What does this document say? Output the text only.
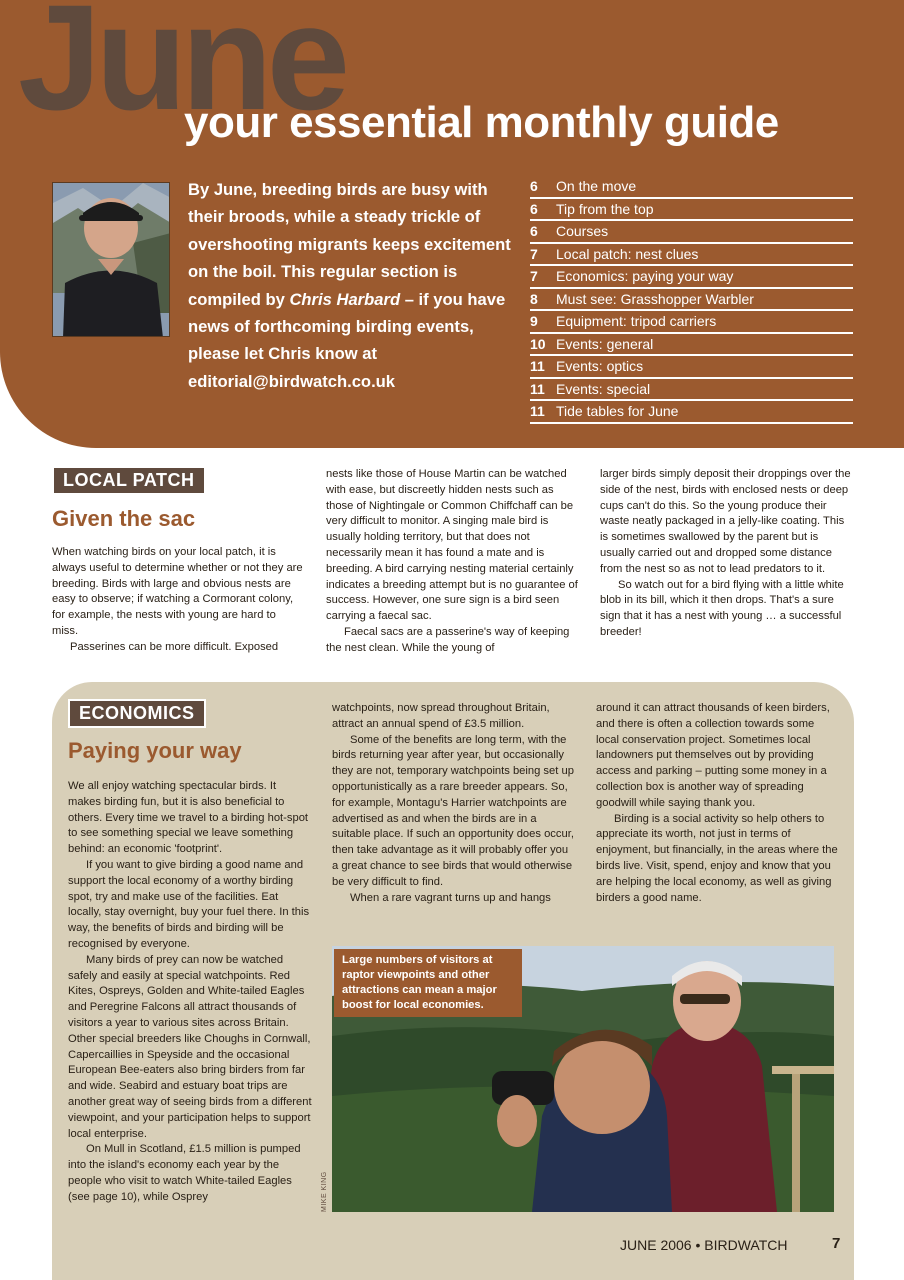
June
your essential monthly guide
By June, breeding birds are busy with their broods, while a steady trickle of overshooting migrants keeps excitement on the boil. This regular section is compiled by Chris Harbard – if you have news of forthcoming birding events, please let Chris know at editorial@birdwatch.co.uk
6	On the move
6	Tip from the top
6	Courses
7	Local patch: nest clues
7	Economics: paying your way
8	Must see: Grasshopper Warbler
9	Equipment: tripod carriers
10 Events: general
11 Events: optics
11 Events: special
11 Tide tables for June
LOCAL PATCH
Given the sac

When watching birds on your local patch, it is always useful to determine whether or not they are breeding. Birds with large and obvious nests are easy to observe; if watching a Cormorant colony, for example, the nests with young are hard to miss.

Passerines can be more difficult. Exposed

nests like those of House Martin can be watched with ease, but discreetly hidden nests such as those of Nightingale or Common Chiffchaff can be very difficult to monitor. A singing male bird is usually holding territory, but that does not necessarily mean it has found a mate and is breeding. A bird carrying nesting material certainly indicates a breeding attempt but is no guarantee of success. However, one sure sign is a bird seen carrying a faecal sac.

Faecal sacs are a passerine's way of keeping the nest clean. While the young of

larger birds simply deposit their droppings over the side of the nest, birds with enclosed nests or deep cups can't do this. So the young produce their waste neatly packaged in a jelly-like coating. This is sometimes swallowed by the parent but is usually carried out and dropped some distance from the nest so as not to lead predators to it.

So watch out for a bird flying with a little white blob in its bill, which it then drops. That's a sure sign that it has a nest with young … a successful breeder!

ECONOMICS
Paying your way

We all enjoy watching spectacular birds. It makes birding fun, but it is also beneficial to others. Every time we travel to a birding hot-spot to see something special we leave something behind: an economic 'footprint'.

If you want to give birding a good name and support the local economy of a worthy birding spot, try and make use of the facilities. Eat locally, stay overnight, buy your fuel there. In this way, the benefits of birds and birding will be recognised by everyone.

Many birds of prey can now be watched safely and easily at special watchpoints. Red Kites, Ospreys, Golden and White-tailed Eagles and Peregrine Falcons all attract thousands of visitors a year to various sites across Britain. Other special breeders like Choughs in Cornwall, Capercaillies in Speyside and the occasional European Bee-eaters also bring birders from far and wide. Seabird and estuary boat trips are another great way of seeing birds from a different viewpoint, and your participation helps to support local enterprise.

On Mull in Scotland, £1.5 million is pumped into the island's economy each year by the people who visit to watch White-tailed Eagles (see page 10), while Osprey

watchpoints, now spread throughout Britain, attract an annual spend of £3.5 million.

Some of the benefits are long term, with the birds returning year after year, but occasionally they are not, temporary watchpoints being set up opportunistically as a rare breeder appears. So, for example, Montagu's Harrier watchpoints are advertised as and when the birds are in a suitable place. If such an opportunity does occur, then take advantage as it will probably offer you a great chance to see birds that would otherwise be very difficult to find.

When a rare vagrant turns up and hangs

around it can attract thousands of keen birders, and there is often a collection towards some local conservation project. Sometimes local landowners put themselves out by providing access and parking – putting some money in a collection box is another way of spreading goodwill while saying thank you.

Birding is a social activity so help others to appreciate its worth, not just in terms of enjoyment, but financially, in the areas where the birds live. Visit, spend, enjoy and know that you are helping the local economy, as well as giving birders a good name.

Large numbers of visitors at raptor viewpoints and other attractions can mean a major boost for local economies.
MIKE KING
JUNE 2006 • BIRDWATCH	7
